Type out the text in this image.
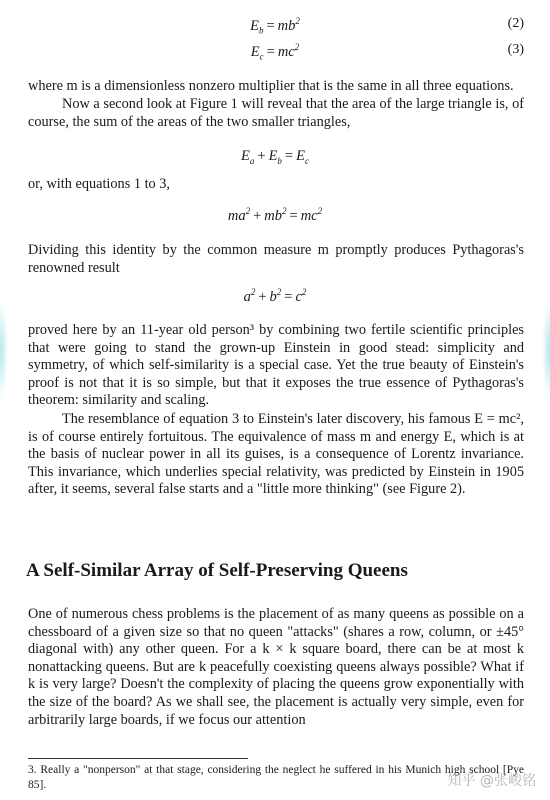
$E_b = mb^2$	(2)
$E_c = mc^2$	(3)

where m is a dimensionless nonzero multiplier that is the same in all three equations.

Now a second look at Figure 1 will reveal that the area of the large triangle is, of course, the sum of the areas of the two smaller triangles,

$E_a + E_b = E_c$

or, with equations 1 to 3,

$ma^2 + mb^2 = mc^2$

Dividing this identity by the common measure m promptly produces Pythagoras's renowned result

$a^2 + b^2 = c^2$

proved here by an 11-year old person³ by combining two fertile scientific principles that were going to stand the grown-up Einstein in good stead: simplicity and symmetry, of which self-similarity is a special case. Yet the true beauty of Einstein's proof is not that it is so simple, but that it exposes the true essence of Pythagoras's theorem: similarity and scaling.

The resemblance of equation 3 to Einstein's later discovery, his famous E = mc², is of course entirely fortuitous. The equivalence of mass m and energy E, which is at the basis of nuclear power in all its guises, is a consequence of Lorentz invariance. This invariance, which underlies special relativity, was predicted by Einstein in 1905 after, it seems, several false starts and a "little more thinking" (see Figure 2).

A Self-Similar Array of Self-Preserving Queens

One of numerous chess problems is the placement of as many queens as possible on a chessboard of a given size so that no queen "attacks" (shares a row, column, or ±45° diagonal with) any other queen. For a k × k square board, there can be at most k nonattacking queens. But are k peacefully coexisting queens always possible? What if k is very large? Doesn't the complexity of placing the queens grow exponentially with the size of the board? As we shall see, the placement is actually very simple, even for arbitrarily large boards, if we focus our attention

3. Really a "nonperson" at that stage, considering the neglect he suffered in his Munich high school [Pye 85].	知乎 @张峻铭
